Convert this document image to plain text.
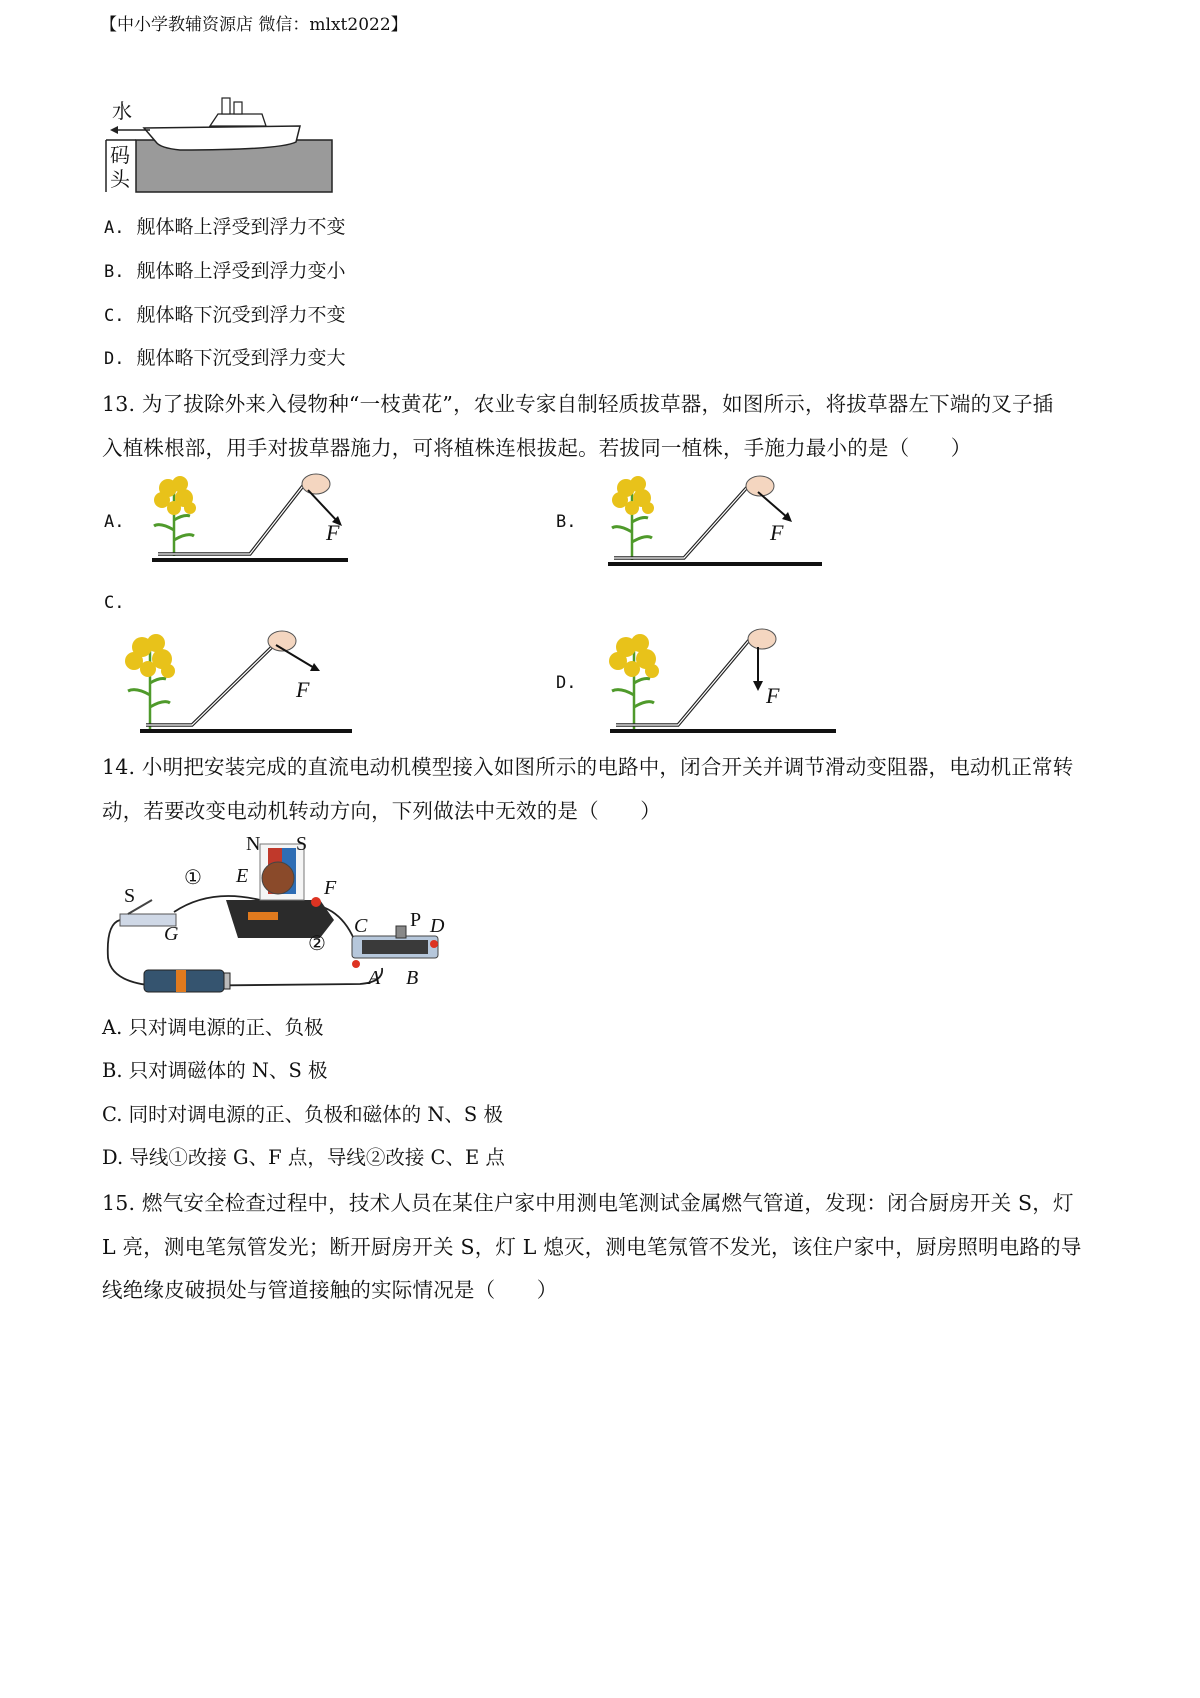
【中小学教辅资源店 微信：mlxt2022】
水
码
头
A. 舰体略上浮受到浮力不变
B. 舰体略上浮受到浮力变小
C. 舰体略下沉受到浮力不变
D. 舰体略下沉受到浮力变大
13. 为了拔除外来入侵物种“一枝黄花”，农业专家自制轻质拔草器，如图所示，将拔草器左下端的叉子插
入植株根部，用手对拔草器施力，可将植株连根拔起。若拔同一植株，手施力最小的是（　　）
A.	B.
C.
D.
F	F
F	F
14. 小明把安装完成的直流电动机模型接入如图所示的电路中，闭合开关并调节滑动变阻器，电动机正常转
动，若要改变电动机转动方向，下列做法中无效的是（　　）
N S
E
F
①
②
S
G	C P D
A B
A. 只对调电源的正、负极
B. 只对调磁体的 N、S 极
C. 同时对调电源的正、负极和磁体的 N、S 极
D. 导线①改接 G、F 点，导线②改接 C、E 点
15. 燃气安全检查过程中，技术人员在某住户家中用测电笔测试金属燃气管道，发现：闭合厨房开关 S，灯
L 亮，测电笔氖管发光；断开厨房开关 S，灯 L 熄灭，测电笔氖管不发光，该住户家中，厨房照明电路的导
线绝缘皮破损处与管道接触的实际情况是（　　）
